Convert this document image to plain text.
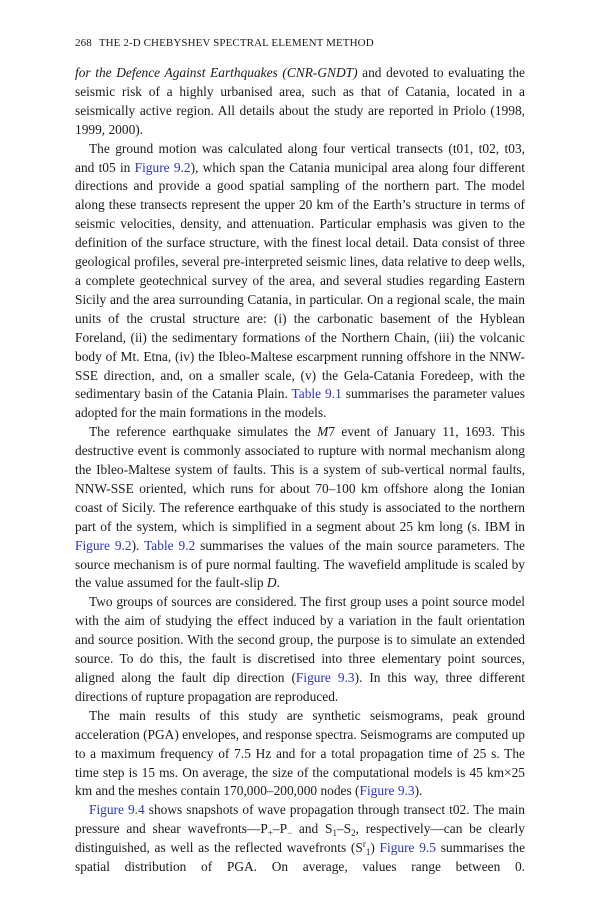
268 THE 2-D CHEBYSHEV SPECTRAL ELEMENT METHOD

for the Defence Against Earthquakes (CNR-GNDT) and devoted to evaluating the seismic risk of a highly urbanised area, such as that of Catania, located in a seismically active region. All details about the study are reported in Priolo (1998, 1999, 2000).

The ground motion was calculated along four vertical transects (t01, t02, t03, and t05 in Figure 9.2), which span the Catania municipal area along four different directions and provide a good spatial sampling of the northern part. The model along these transects represent the upper 20 km of the Earth’s structure in terms of seismic velocities, density, and attenuation. Particular emphasis was given to the definition of the surface structure, with the finest local detail. Data consist of three geological profiles, several pre-interpreted seismic lines, data relative to deep wells, a complete geotechnical survey of the area, and several studies regarding Eastern Sicily and the area surrounding Catania, in particular. On a regional scale, the main units of the crustal structure are: (i) the carbonatic basement of the Hyblean Foreland, (ii) the sedimentary formations of the Northern Chain, (iii) the volcanic body of Mt. Etna, (iv) the Ibleo-Maltese escarpment running offshore in the NNW-SSE direction, and, on a smaller scale, (v) the Gela-Catania Foredeep, with the sedimentary basin of the Catania Plain. Table 9.1 summarises the parameter values adopted for the main formations in the models.

The reference earthquake simulates the M7 event of January 11, 1693. This destructive event is commonly associated to rupture with normal mechanism along the Ibleo-Maltese system of faults. This is a system of sub-vertical normal faults, NNW-SSE oriented, which runs for about 70–100 km offshore along the Ionian coast of Sicily. The reference earthquake of this study is associated to the northern part of the system, which is simplified in a segment about 25 km long (s. IBM in Figure 9.2). Table 9.2 summarises the values of the main source parameters. The source mechanism is of pure normal faulting. The wavefield amplitude is scaled by the value assumed for the fault-slip D.

Two groups of sources are considered. The first group uses a point source model with the aim of studying the effect induced by a variation in the fault orientation and source position. With the second group, the purpose is to simulate an extended source. To do this, the fault is discretised into three elementary point sources, aligned along the fault dip direction (Figure 9.3). In this way, three different directions of rupture propagation are reproduced.

The main results of this study are synthetic seismograms, peak ground acceleration (PGA) envelopes, and response spectra. Seismograms are computed up to a maximum frequency of 7.5 Hz and for a total propagation time of 25 s. The time step is 15 ms. On average, the size of the computational models is 45 km×25 km and the meshes contain 170,000–200,000 nodes (Figure 9.3).

Figure 9.4 shows snapshots of wave propagation through transect t02. The main pressure and shear $wavefronts—P_+-P_-$ and $S_1-S_2$, respectively—can be clearly distinguished, as well as the reflected wavefronts $(S^r_1)$ Figure 9.5 summarises the spatial distribution of PGA. On average, values range between 0.
